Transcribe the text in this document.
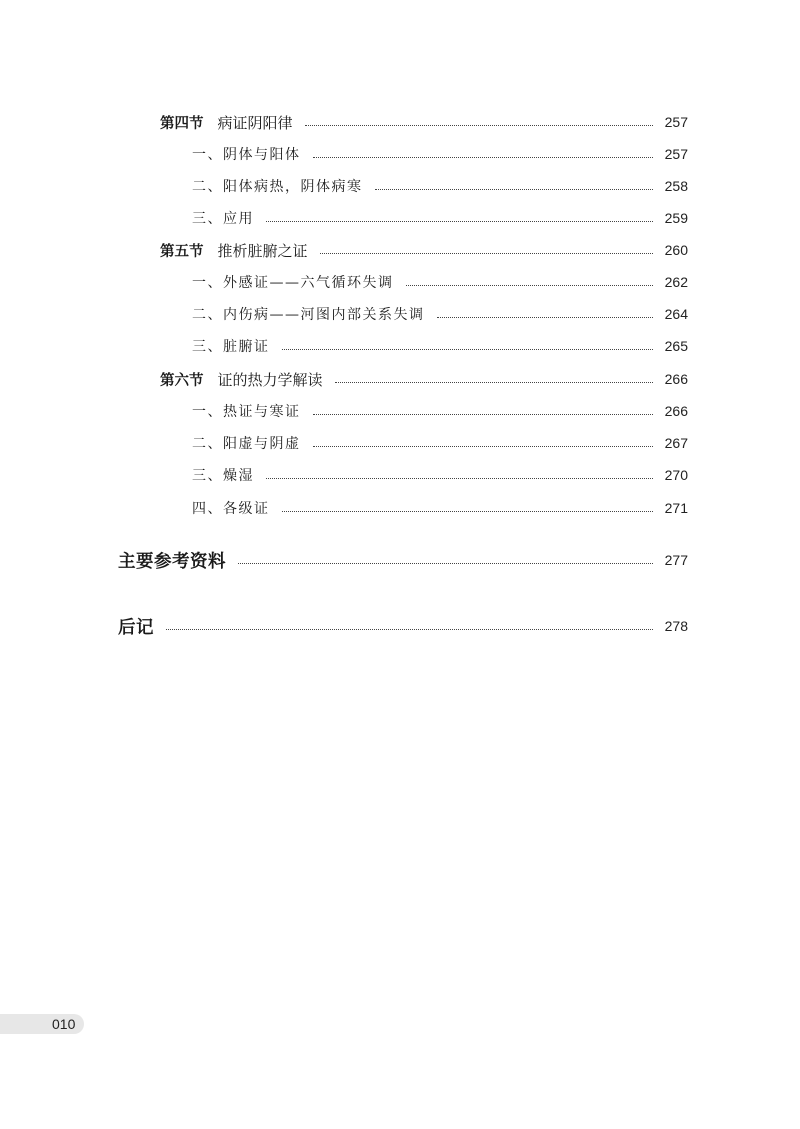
第四节 病证阴阳律	257
一、阴体与阳体	257
二、阳体病热，阴体病寒	258
三、应用	259
第五节 推析脏腑之证	260
一、外感证——六气循环失调	262
二、内伤病——河图内部关系失调	264
三、脏腑证	265
第六节 证的热力学解读	266
一、热证与寒证	266
二、阳虚与阴虚	267
三、燥湿	270
四、各级证	271
主要参考资料	277
后记	278
010
